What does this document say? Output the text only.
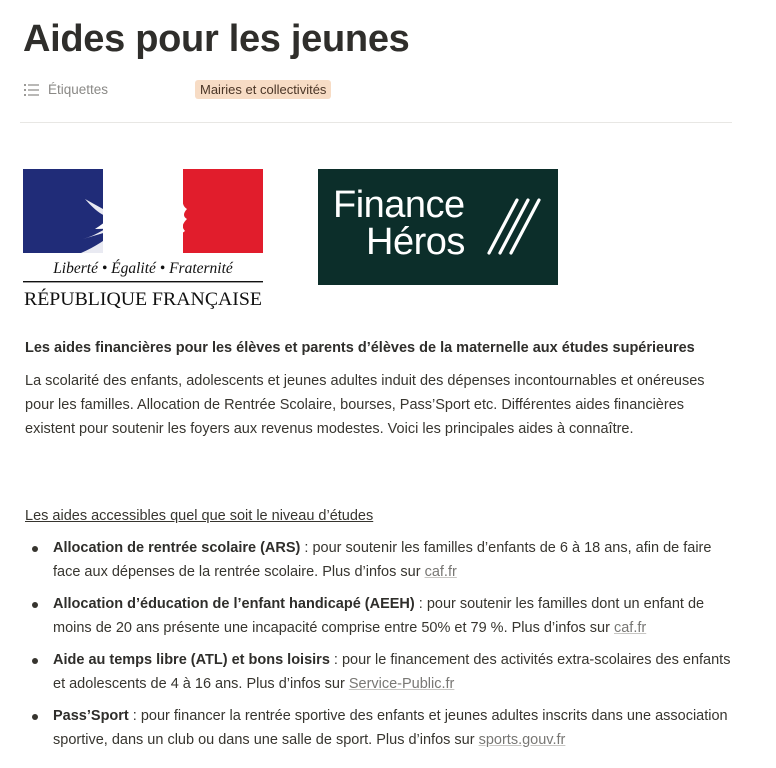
Aides pour les jeunes
Étiquettes	Mairies et collectivités
Liberté • Égalité • Fraternité
RÉPUBLIQUE FRANÇAISE
Finance
Héros
Les aides financières pour les élèves et parents d’élèves de la maternelle aux études supérieures
La scolarité des enfants, adolescents et jeunes adultes induit des dépenses incontournables et onéreuses pour les familles. Allocation de Rentrée Scolaire, bourses, Pass’Sport etc. Différentes aides financières existent pour soutenir les foyers aux revenus modestes. Voici les principales aides à connaître.
Les aides accessibles quel que soit le niveau d’études
Allocation de rentrée scolaire (ARS) : pour soutenir les familles d’enfants de 6 à 18 ans, afin de faire face aux dépenses de la rentrée scolaire. Plus d’infos sur caf.fr
Allocation d’éducation de l’enfant handicapé (AEEH) : pour soutenir les familles dont un enfant de moins de 20 ans présente une incapacité comprise entre 50% et 79 %. Plus d’infos sur caf.fr
Aide au temps libre (ATL) et bons loisirs : pour le financement des activités extra-scolaires des enfants et adolescents de 4 à 16 ans. Plus d’infos sur Service-Public.fr
Pass’Sport : pour financer la rentrée sportive des enfants et jeunes adultes inscrits dans une association sportive, dans un club ou dans une salle de sport. Plus d’infos sur sports.gouv.fr
